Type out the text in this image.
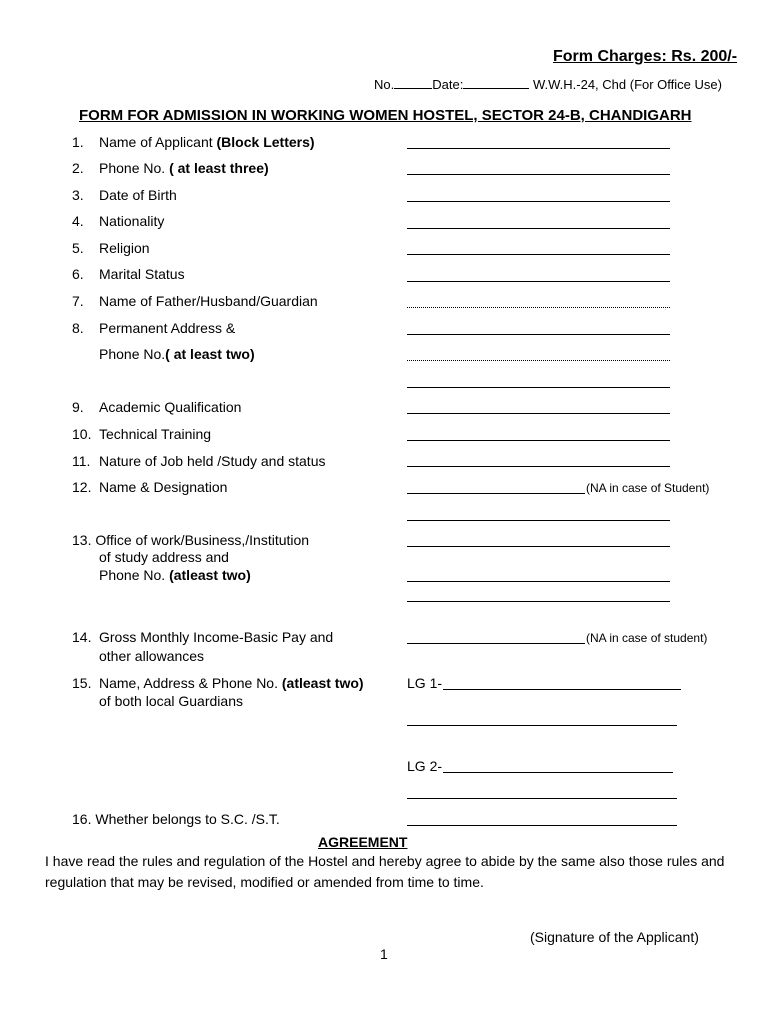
Form Charges: Rs. 200/-
No.	Date:	W.W.H.-24, Chd (For Office Use)
FORM FOR ADMISSION IN WORKING WOMEN HOSTEL, SECTOR 24-B, CHANDIGARH
1. Name of Applicant (Block Letters)
2. Phone No. ( at least three)
3. Date of Birth
4. Nationality
5. Religion
6. Marital Status
7. Name of Father/Husband/Guardian
8. Permanent Address &
Phone No.( at least two)
9. Academic Qualification
10. Technical Training
11. Nature of Job held /Study and status
12. Name & Designation	(NA in case of Student)
13. Office of work/Business,/Institution
of study address and
Phone No. (atleast two)
14. Gross Monthly Income-Basic Pay and
other allowances
(NA in case of student)
15. Name, Address & Phone No. (atleast two)
of both local Guardians
LG 1-
LG 2-
16. Whether belongs to S.C. /S.T.
AGREEMENT
I have read the rules and regulation of the Hostel and hereby agree to abide by the same also those rules and
regulation that may be revised, modified or amended from time to time.
(Signature of the Applicant)
1
